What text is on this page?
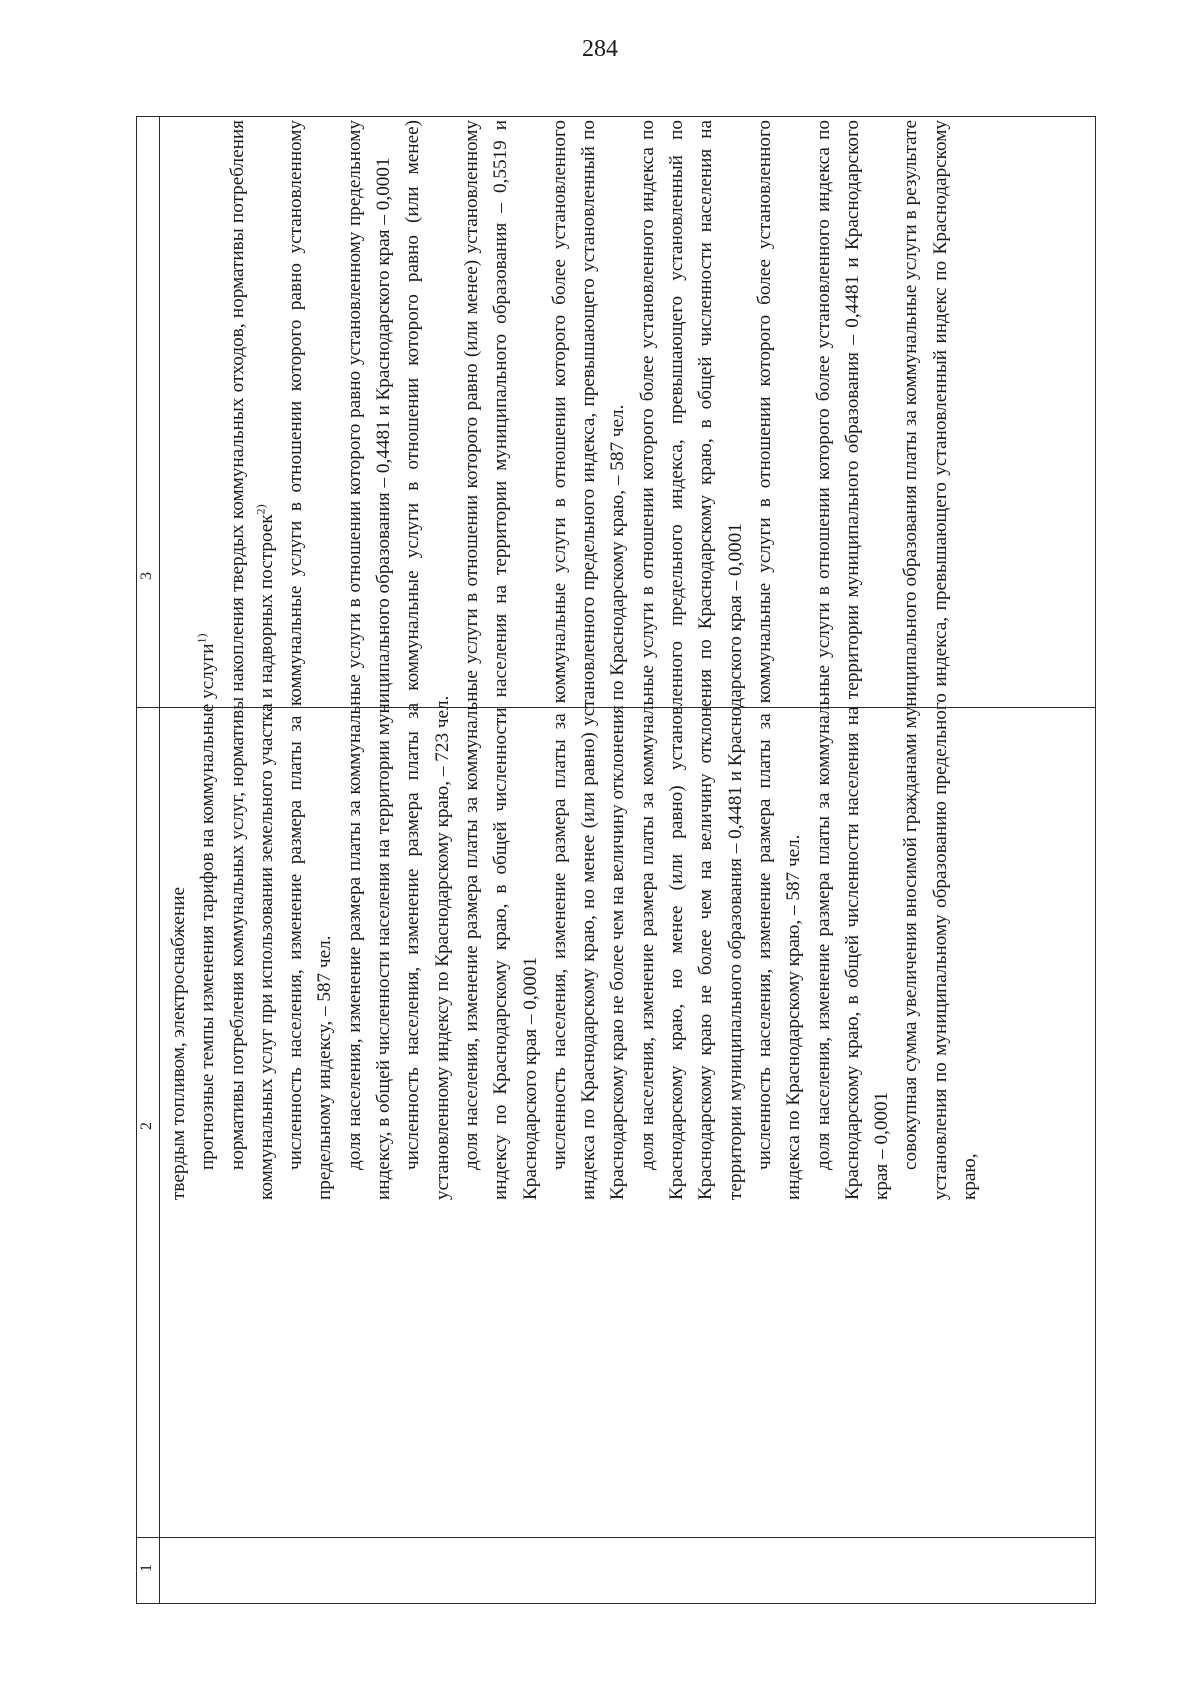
284
1
2
3

твердым топливом, электроснабжение прогнозные темпы изменения тарифов на коммунальные услуги$^{1)}$ нормативы потребления коммунальных услуг, нормативы накопления твердых коммунальных отходов, нормативы потребления коммунальных услуг при использовании земельного участка и надворных построек$^{2)}$ численность населения, изменение размера платы за коммунальные услуги в отношении которого равно установленному предельному индексу, – 587 чел. доля населения, изменение размера платы за коммунальные услуги в отношении которого равно установленному предельному индексу, в общей численности населения на территории муниципального образования – 0,4481 и Краснодарского края – 0,0001 численность населения, изменение размера платы за коммунальные услуги в отношении которого равно (или менее) установленному индексу по Краснодарскому краю, – 723 чел. доля населения, изменение размера платы за коммунальные услуги в отношении которого равно (или менее) установленному индексу по Краснодарскому краю, в общей численности населения на территории муниципального образования – 0,5519 и Краснодарского края – 0,0001 численность населения, изменение размера платы за коммунальные услуги в отношении которого более установленного индекса по Краснодарскому краю, но менее (или равно) установленного предельного индекса, превышающего установленный по Краснодарскому краю не более чем на величину отклонения по Краснодарскому краю, – 587 чел. доля населения, изменение размера платы за коммунальные услуги в отношении которого более установленного индекса по Краснодарскому краю, но менее (или равно) установленного предельного индекса, превышающего установленный по Краснодарскому краю не более чем на величину отклонения по Краснодарскому краю, в общей численности населения на территории муниципального образования – 0,4481 и Краснодарского края – 0,0001 численность населения, изменение размера платы за коммунальные услуги в отношении которого более установленного индекса по Краснодарскому краю, – 587 чел. доля населения, изменение размера платы за коммунальные услуги в отношении которого более установленного индекса по Краснодарскому краю, в общей численности населения на территории муниципального образования – 0,4481 и Краснодарского края – 0,0001 совокупная сумма увеличения вносимой гражданами муниципального образования платы за коммунальные услуги в результате установления по муниципальному образованию предельного индекса, превышающего установленный индекс по Краснодарскому краю,
